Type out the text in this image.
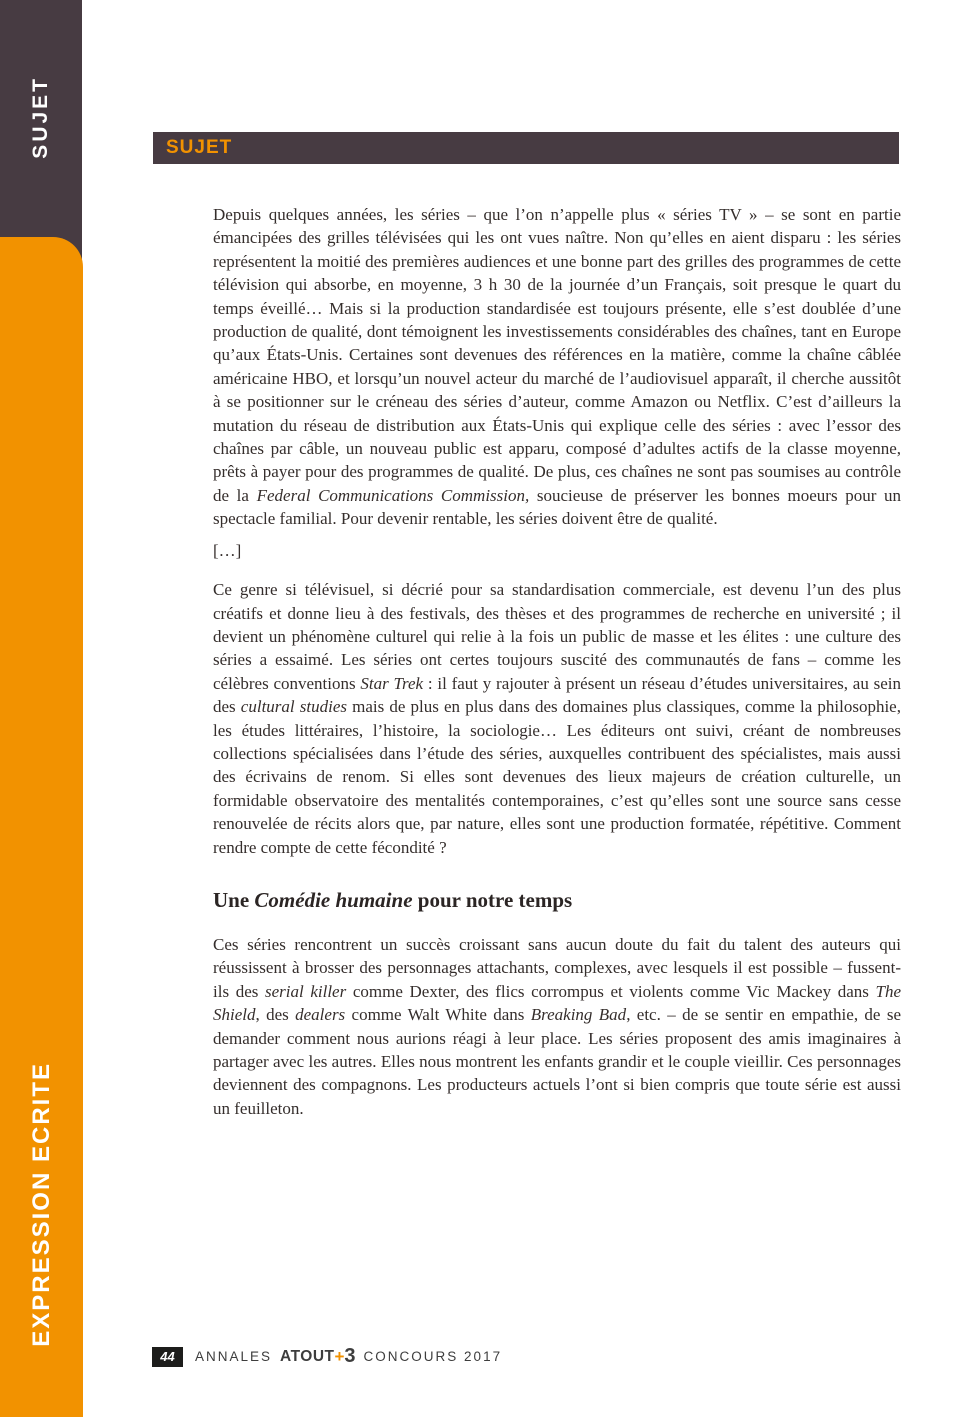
SUJET
EXPRESSION ECRITE
SUJET

Depuis quelques années, les séries – que l’on n’appelle plus « séries TV » – se sont en partie émancipées des grilles télévisées qui les ont vues naître. Non qu’elles en aient disparu : les séries représentent la moitié des premières audiences et une bonne part des grilles des programmes de cette télévision qui absorbe, en moyenne, 3 h 30 de la journée d’un Français, soit presque le quart du temps éveillé… Mais si la production standardisée est toujours présente, elle s’est doublée d’une production de qualité, dont témoignent les investissements considérables des chaînes, tant en Europe qu’aux États-Unis. Certaines sont devenues des références en la matière, comme la chaîne câblée américaine HBO, et lorsqu’un nouvel acteur du marché de l’audiovisuel apparaît, il cherche aussitôt à se positionner sur le créneau des séries d’auteur, comme Amazon ou Netflix. C’est d’ailleurs la mutation du réseau de distribution aux États-Unis qui explique celle des séries : avec l’essor des chaînes par câble, un nouveau public est apparu, composé d’adultes actifs de la classe moyenne, prêts à payer pour des programmes de qualité. De plus, ces chaînes ne sont pas soumises au contrôle de la Federal Communications Commission, soucieuse de préserver les bonnes moeurs pour un spectacle familial. Pour devenir rentable, les séries doivent être de qualité.

[…]

Ce genre si télévisuel, si décrié pour sa standardisation commerciale, est devenu l’un des plus créatifs et donne lieu à des festivals, des thèses et des programmes de recherche en université ; il devient un phénomène culturel qui relie à la fois un public de masse et les élites : une culture des séries a essaimé. Les séries ont certes toujours suscité des communautés de fans – comme les célèbres conventions Star Trek : il faut y rajouter à présent un réseau d’études universitaires, au sein des cultural studies mais de plus en plus dans des domaines plus classiques, comme la philosophie, les études littéraires, l’histoire, la sociologie… Les éditeurs ont suivi, créant de nombreuses collections spécialisées dans l’étude des séries, auxquelles contribuent des spécialistes, mais aussi des écrivains de renom. Si elles sont devenues des lieux majeurs de création culturelle, un formidable observatoire des mentalités contemporaines, c’est qu’elles sont une source sans cesse renouvelée de récits alors que, par nature, elles sont une production formatée, répétitive. Comment rendre compte de cette fécondité ?

Une Comédie humaine pour notre temps

Ces séries rencontrent un succès croissant sans aucun doute du fait du talent des auteurs qui réussissent à brosser des personnages attachants, complexes, avec lesquels il est possible – fussent-ils des serial killer comme Dexter, des flics corrompus et violents comme Vic Mackey dans The Shield, des dealers comme Walt White dans Breaking Bad, etc. – de se sentir en empathie, de se demander comment nous aurions réagi à leur place. Les séries proposent des amis imaginaires à partager avec les autres. Elles nous montrent les enfants grandir et le couple vieillir. Ces personnages deviennent des compagnons. Les producteurs actuels l’ont si bien compris que toute série est aussi un feuilleton.

44 ANNALES ATOUT + 3 CONCOURS 2017
